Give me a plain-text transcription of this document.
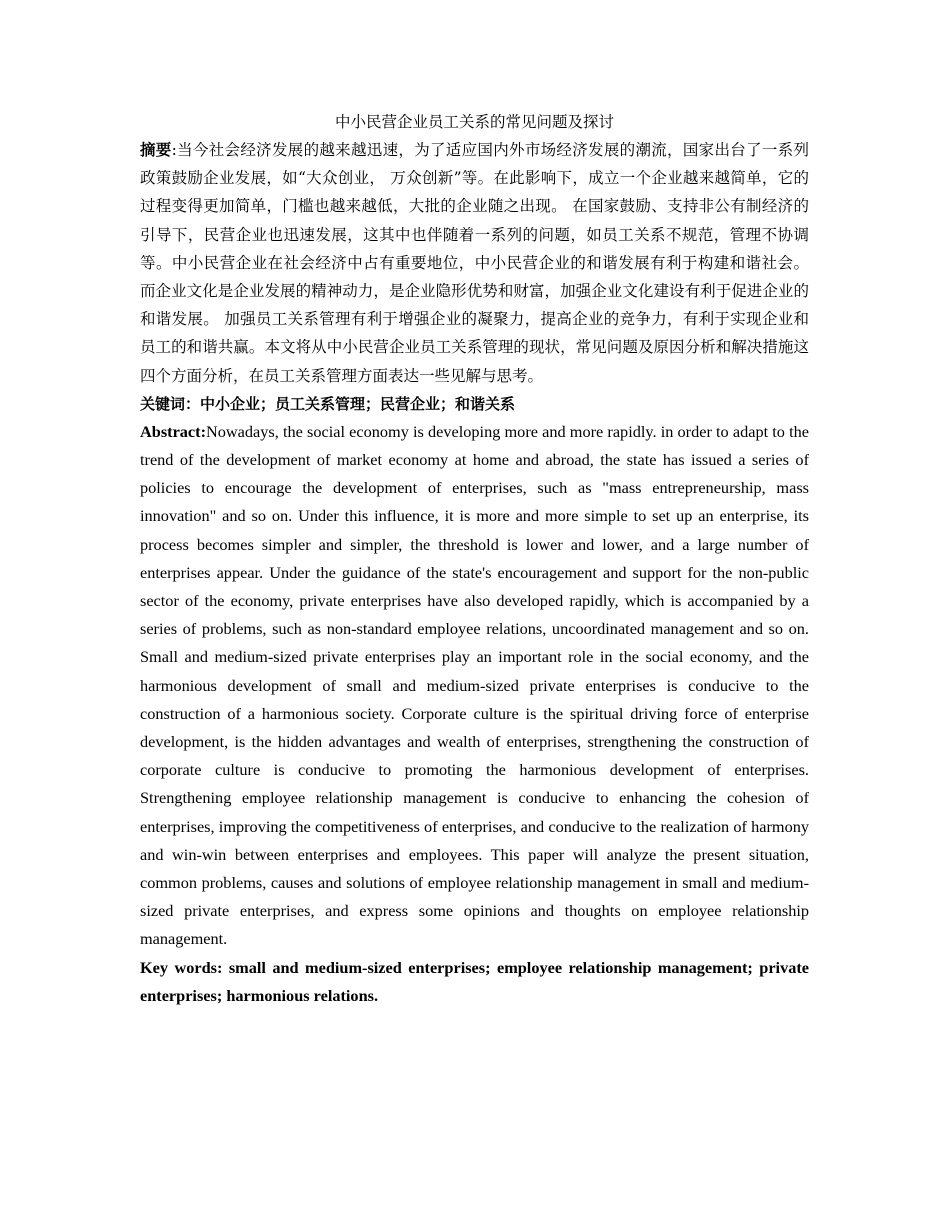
中小民营企业员工关系的常见问题及探讨

摘要:当今社会经济发展的越来越迅速，为了适应国内外市场经济发展的潮流，国家出台了一系列政策鼓励企业发展，如“大众创业， 万众创新”等。在此影响下，成立一个企业越来越简单，它的过程变得更加简单，门槛也越来越低，大批的企业随之出现。 在国家鼓励、支持非公有制经济的引导下，民营企业也迅速发展，这其中也伴随着一系列的问题，如员工关系不规范，管理不协调等。中小民营企业在社会经济中占有重要地位，中小民营企业的和谐发展有利于构建和谐社会。 而企业文化是企业发展的精神动力，是企业隐形优势和财富，加强企业文化建设有利于促进企业的和谐发展。 加强员工关系管理有利于增强企业的凝聚力，提高企业的竞争力，有利于实现企业和员工的和谐共赢。本文将从中小民营企业员工关系管理的现状，常见问题及原因分析和解决措施这四个方面分析，在员工关系管理方面表达一些见解与思考。

关键词：中小企业；员工关系管理；民营企业；和谐关系

Abstract:Nowadays, the social economy is developing more and more rapidly. in order to adapt to the trend of the development of market economy at home and abroad, the state has issued a series of policies to encourage the development of enterprises, such as "mass entrepreneurship, mass innovation" and so on. Under this influence, it is more and more simple to set up an enterprise, its process becomes simpler and simpler, the threshold is lower and lower, and a large number of enterprises appear. Under the guidance of the state's encouragement and support for the non-public sector of the economy, private enterprises have also developed rapidly, which is accompanied by a series of problems, such as non-standard employee relations, uncoordinated management and so on. Small and medium-sized private enterprises play an important role in the social economy, and the harmonious development of small and medium-sized private enterprises is conducive to the construction of a harmonious society. Corporate culture is the spiritual driving force of enterprise development, is the hidden advantages and wealth of enterprises, strengthening the construction of corporate culture is conducive to promoting the harmonious development of enterprises. Strengthening employee relationship management is conducive to enhancing the cohesion of enterprises, improving the competitiveness of enterprises, and conducive to the realization of harmony and win-win between enterprises and employees. This paper will analyze the present situation, common problems, causes and solutions of employee relationship management in small and medium-sized private enterprises, and express some opinions and thoughts on employee relationship management.

Key words: small and medium-sized enterprises; employee relationship management; private enterprises; harmonious relations.
